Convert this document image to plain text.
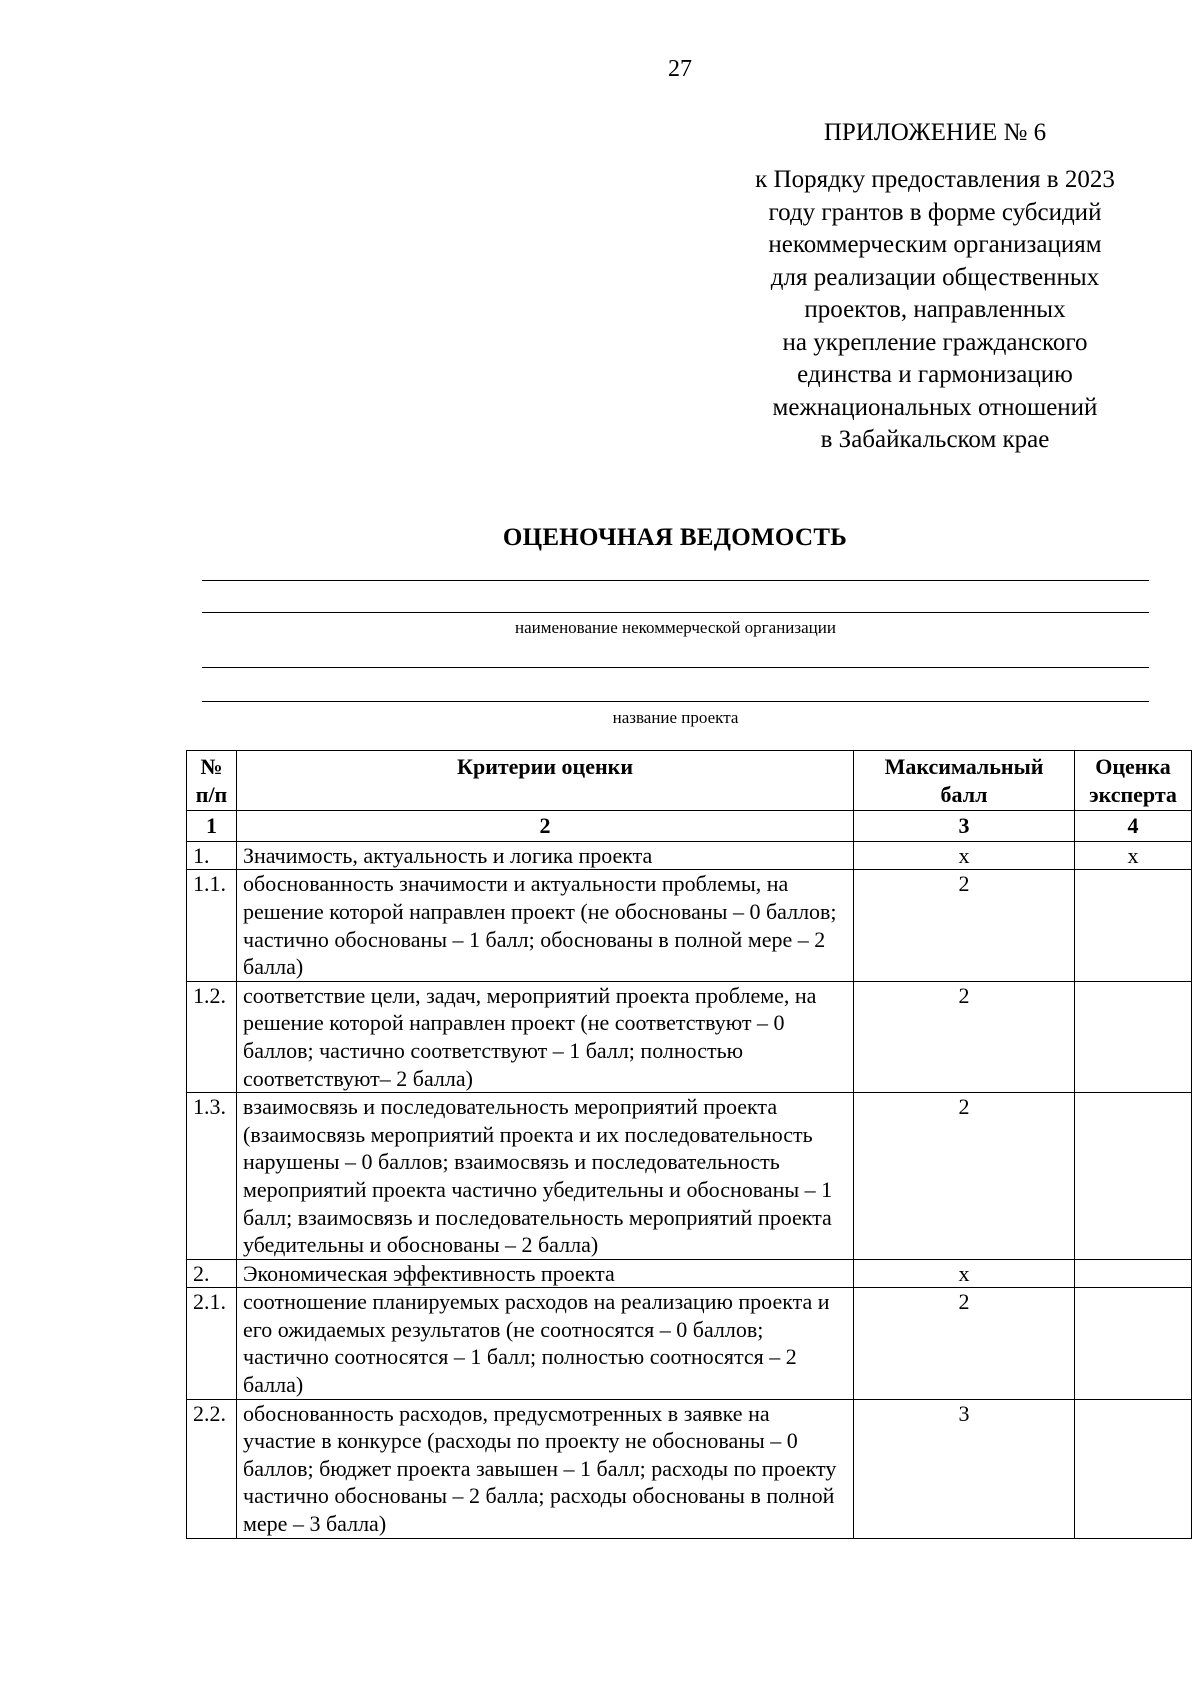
27
ПРИЛОЖЕНИЕ № 6
к Порядку предоставления в 2023
году грантов в форме субсидий
некоммерческим организациям
для реализации общественных
проектов, направленных
на укрепление гражданского
единства и гармонизацию
межнациональных отношений
в Забайкальском крае
ОЦЕНОЧНАЯ ВЕДОМОСТЬ
наименование некоммерческой организации
название проекта
№ п/п	Критерии оценки	Максимальный балл	Оценка эксперта
1	2	3	4
1.	Значимость, актуальность и логика проекта	х	х
1.1.	обоснованность значимости и актуальности проблемы, на решение которой направлен проект (не обоснованы – 0 баллов; частично обоснованы – 1 балл; обоснованы в полной мере – 2 балла)	2	
1.2.	соответствие цели, задач, мероприятий проекта проблеме, на решение которой направлен проект (не соответствуют – 0 баллов; частично соответствуют – 1 балл; полностью соответствуют– 2 балла)	2	
1.3.	взаимосвязь и последовательность мероприятий проекта (взаимосвязь мероприятий проекта и их последовательность нарушены – 0 баллов; взаимосвязь и последовательность мероприятий проекта частично убедительны и обоснованы – 1 балл; взаимосвязь и последовательность мероприятий проекта убедительны и обоснованы – 2 балла)	2	
2.	Экономическая эффективность проекта	х	
2.1.	соотношение планируемых расходов на реализацию проекта и его ожидаемых результатов (не соотносятся – 0 баллов; частично соотносятся – 1 балл; полностью соотносятся – 2 балла)	2	
2.2.	обоснованность расходов, предусмотренных в заявке на участие в конкурсе (расходы по проекту не обоснованы – 0 баллов; бюджет проекта завышен – 1 балл; расходы по проекту частично обоснованы – 2 балла; расходы обоснованы в полной мере – 3 балла)	3	
